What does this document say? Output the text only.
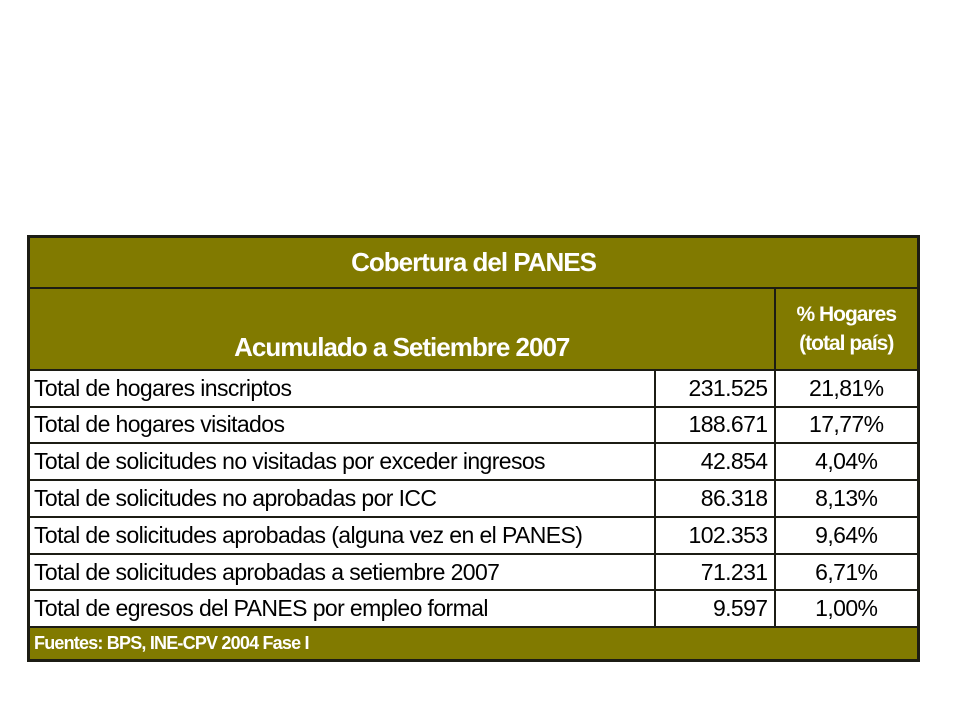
Cobertura del PANES		
Acumulado a Setiembre 2007		% Hogares
(total país)

Total de hogares inscriptos	231.525	21,81%
Total de hogares visitados	188.671	17,77%
Total de solicitudes no visitadas por exceder ingresos	42.854	4,04%
Total de solicitudes no aprobadas por ICC	86.318	8,13%
Total de solicitudes aprobadas (alguna vez en el PANES)	102.353	9,64%
Total de solicitudes aprobadas a setiembre 2007	71.231	6,71%
Total de egresos del PANES por empleo formal	9.597	1,00%
Fuentes: BPS, INE-CPV 2004 Fase I		
